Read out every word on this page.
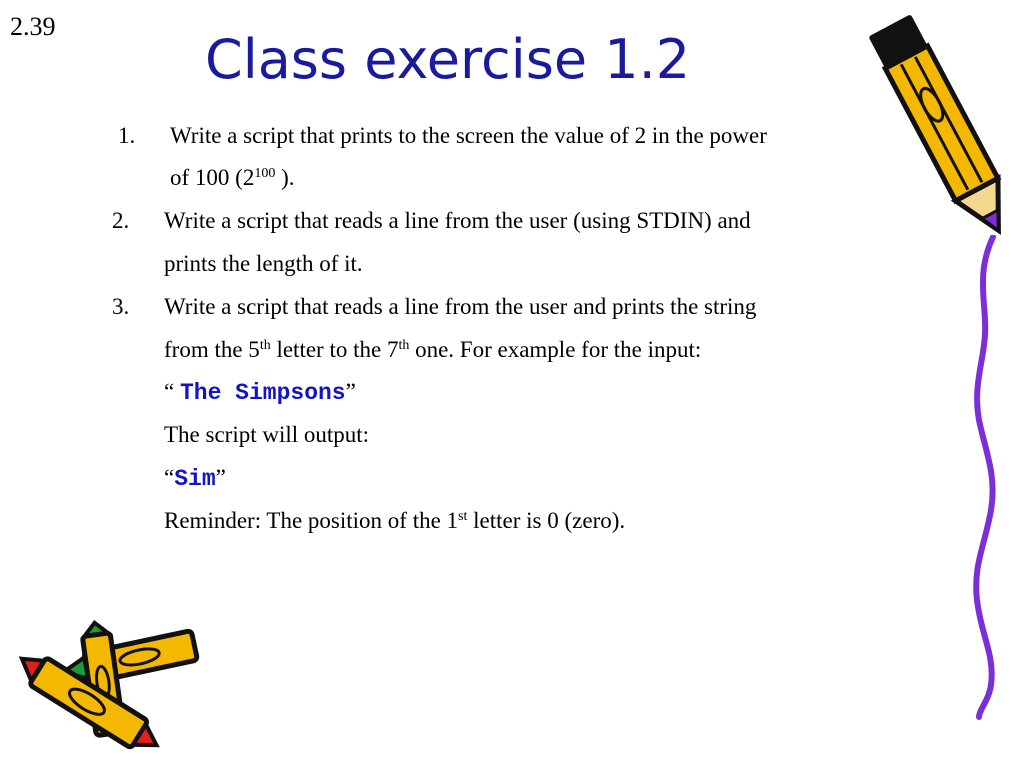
2.39
Class exercise 1.2
1. Write a script that prints to the screen the value of 2 in the power
of 100 ($2^{100}$ ).
2. Write a script that reads a line from the user (using STDIN) and
prints the length of it.
3. Write a script that reads a line from the user and prints the string
from the 5th letter to the 7th one. For example for the input:
“ The Simpsons”
The script will output:
“Sim”
Reminder: The position of the 1st letter is 0 (zero).
